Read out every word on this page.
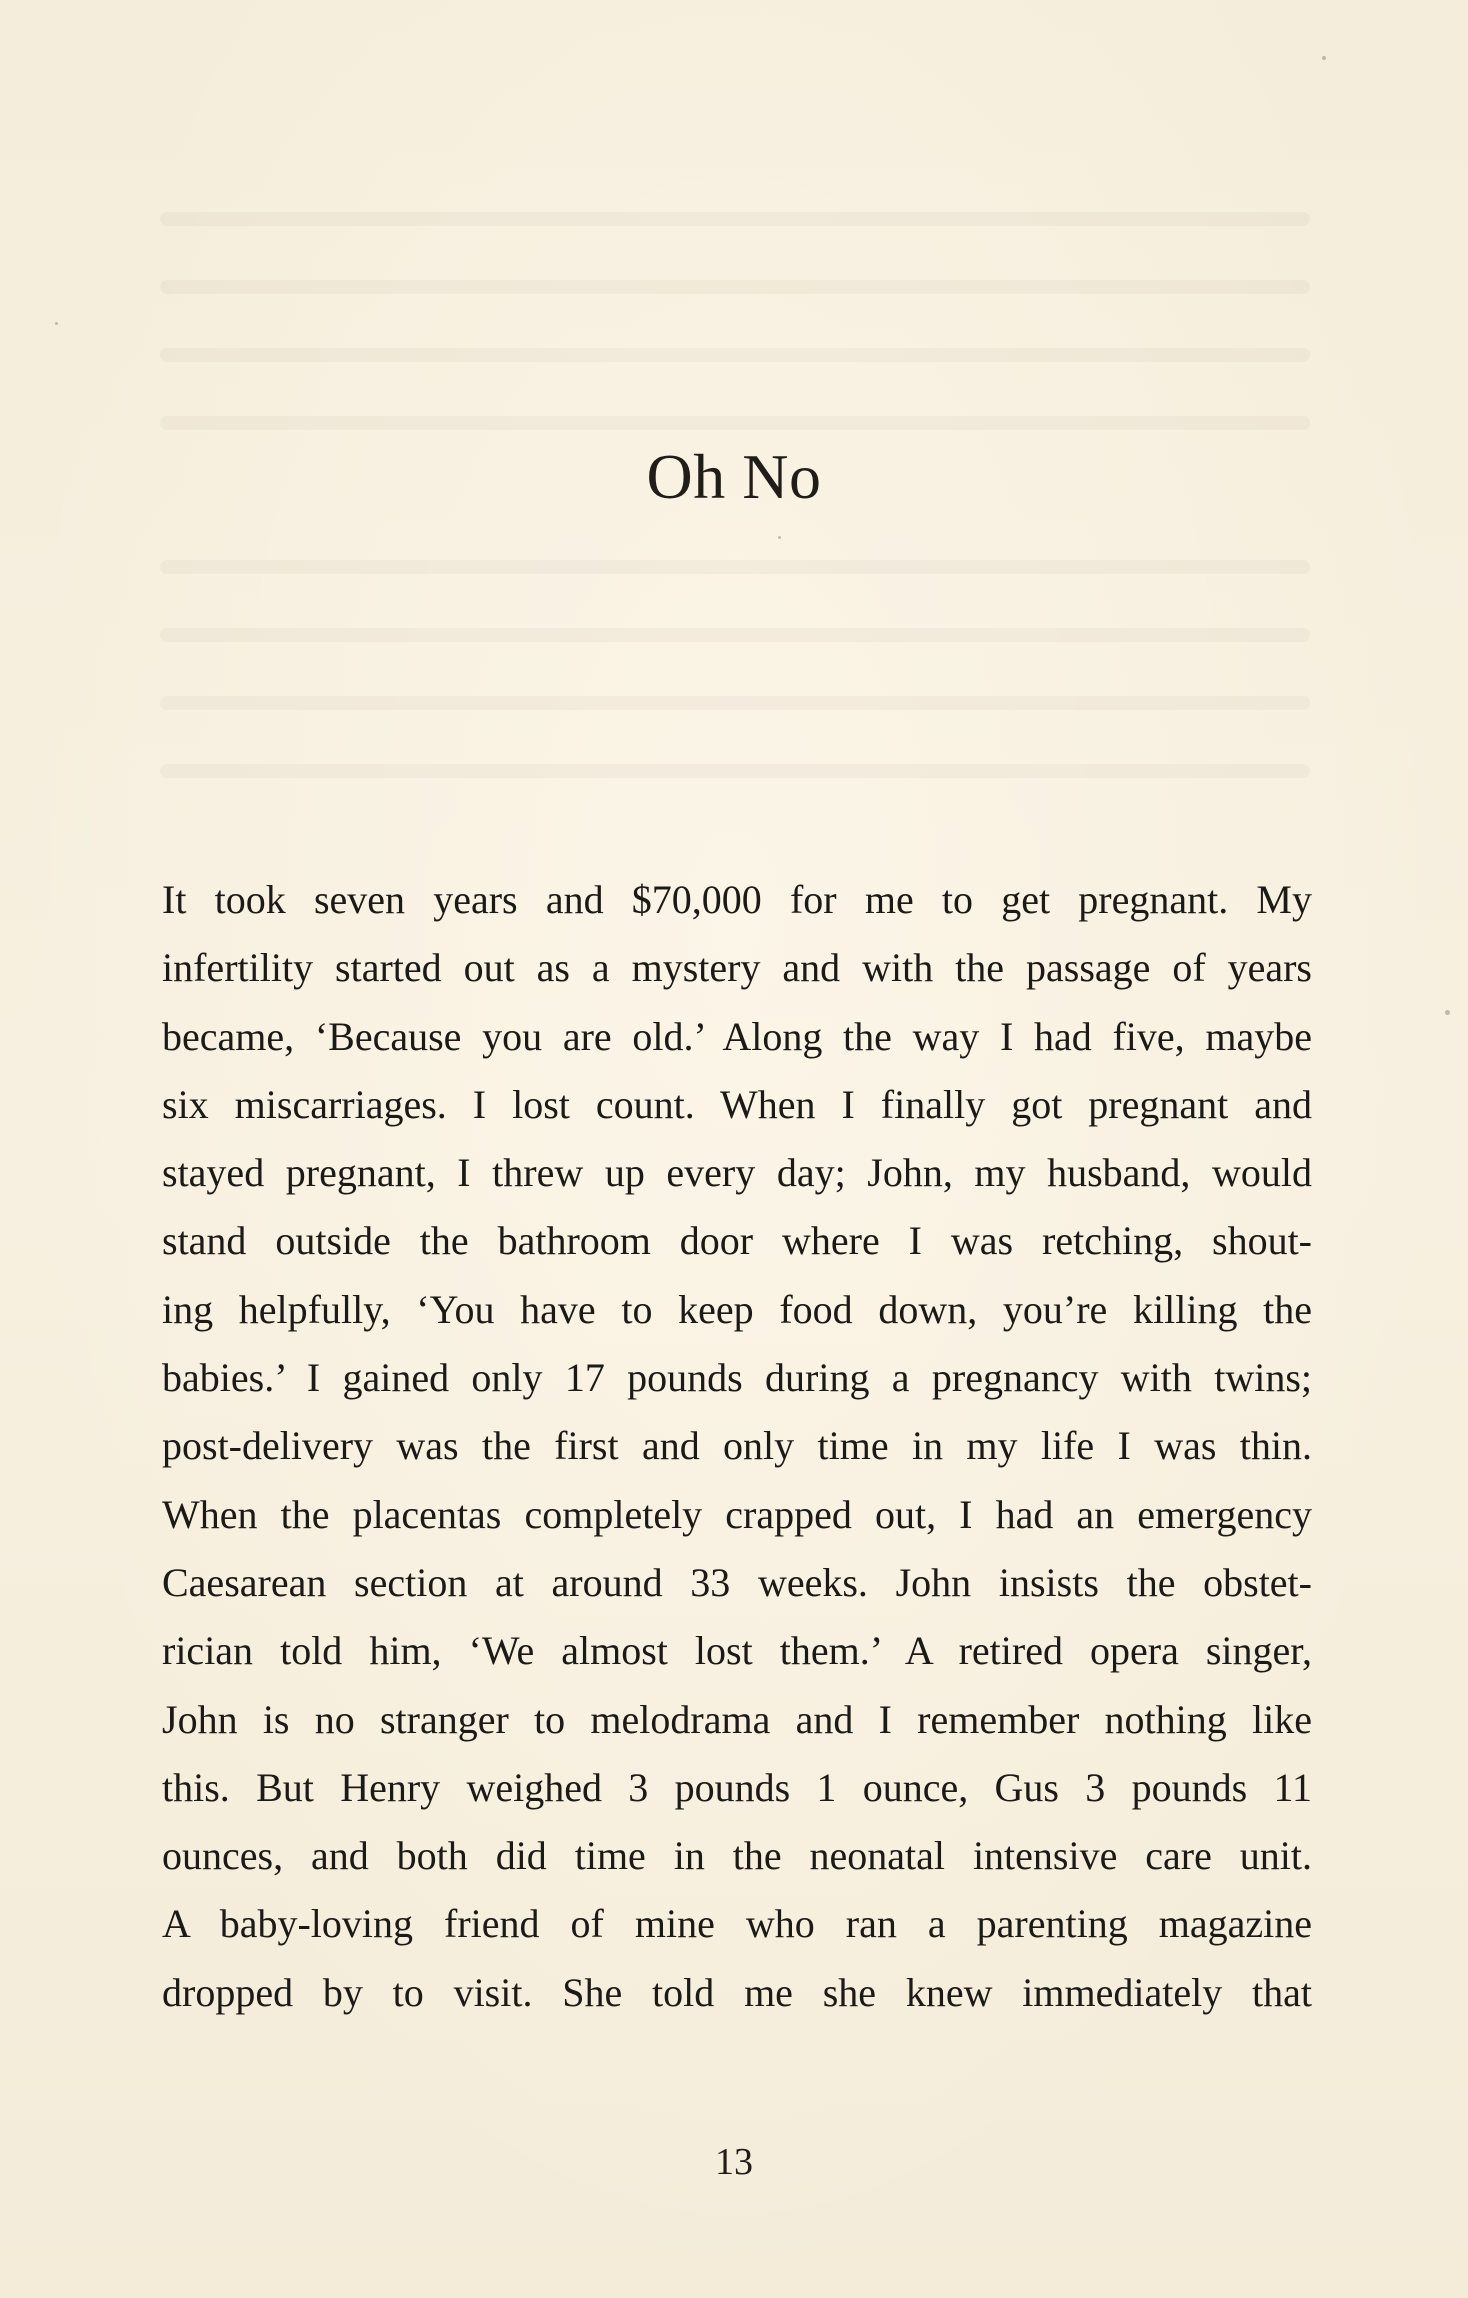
Oh No
It took seven years and $70,000 for me to get pregnant. My
infertility started out as a mystery and with the passage of years
became, ‘Because you are old.’ Along the way I had five, maybe
six miscarriages. I lost count. When I finally got pregnant and
stayed pregnant, I threw up every day; John, my husband, would
stand outside the bathroom door where I was retching, shout-
ing helpfully, ‘You have to keep food down, you’re killing the
babies.’ I gained only 17 pounds during a pregnancy with twins;
post-delivery was the first and only time in my life I was thin.
When the placentas completely crapped out, I had an emergency
Caesarean section at around 33 weeks. John insists the obstet-
rician told him, ‘We almost lost them.’ A retired opera singer,
John is no stranger to melodrama and I remember nothing like
this. But Henry weighed 3 pounds 1 ounce, Gus 3 pounds 11
ounces, and both did time in the neonatal intensive care unit.
A baby-loving friend of mine who ran a parenting magazine
dropped by to visit. She told me she knew immediately that
13
